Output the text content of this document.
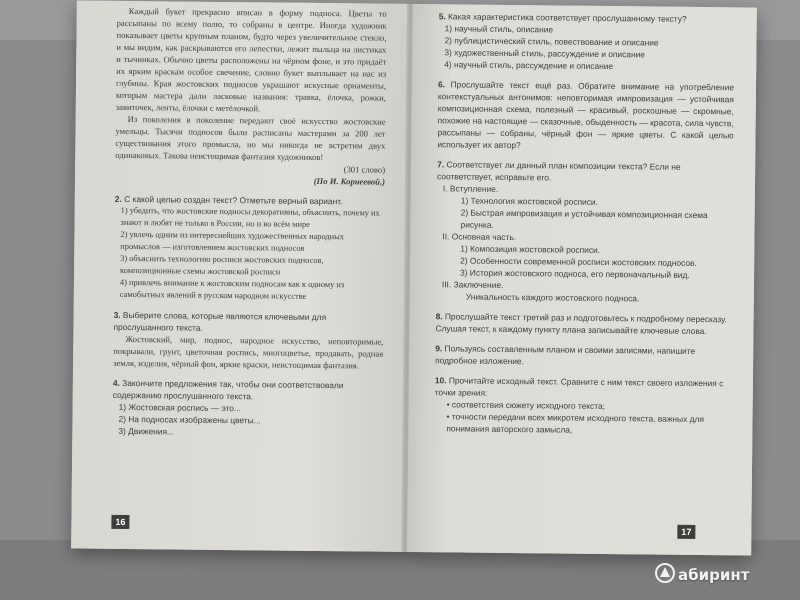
Каждый букет прекрасно вписан в форму подноса. Цветы то рассыпаны по всему полю, то собраны в центре. Иногда художник показывает цветы крупным планом, будто через увеличительное стекло, и мы видим, как раскрываются его лепестки, лежит пыльца на листиках и тычинках. Обычно цветы расположены на чёрном фоне, и это придаёт их ярким краскам особое свечение, словно букет выплывает на нас из глубины. Края жостовских подносов украшают искусные орнаменты, которым мастера дали ласковые названия: травка, ёлочка, рожки, завиточек, ленты, ёлочки с метёлочкой.

Из поколения в поколение передают своё искусство жостовские умельцы. Тысячи подносов были расписаны мастерами за 200 лет существования этого промысла, но мы никогда не встретим двух одинаковых. Такова неистощимая фантазия художников!

(301 слово)

(По И. Корнеевой.)

2. С какой целью создан текст? Отметьте верный вариант.

1) убедить, что жостовские подносы декоративны, объяснить, почему их знают и любят не только в России, но и во всём мире

2) увлечь одним из интереснейших художественных народных промыслов — изготовлением жостовских подносов

3) объяснить технологию росписи жостовских подносов, композиционные схемы жостовской росписи

4) привлечь внимание к жостовским подносам как к одному из самобытных явлений в русском народном искусстве

3. Выберите слова, которые являются ключевыми для прослушанного текста.

Жостовский, мир, поднос, народное искусство, неповторимые, покрывали, грунт, цветочная роспись, многоцветье, продавать, родная земля, изделия, чёрный фон, яркие краски, неистощимая фантазия.

4. Закончите предложения так, чтобы они соответствовали содержанию прослушанного текста.

1) Жостовская роспись — это...

2) На подносах изображены цветы...

3) Движения...

16
5. Какая характеристика соответствует прослушанному тексту?

1) научный стиль, описание

2) публицистический стиль, повествование и описание

3) художественный стиль, рассуждение и описание

4) научный стиль, рассуждение и описание

6. Прослушайте текст ещё раз. Обратите внимание на употребление контекстуальных антонимов: неповторимая импровизация — устойчивая композиционная схема, полезный — красивый, роскошные — скромные, похожие на настоящие — сказочные, обыденность — красота, сила чувств, рассыпаны — собраны, чёрный фон — яркие цветы. С какой целью использует их автор?
7. Соответствует ли данный план композиции текста? Если не соответствует, исправьте его.

I. Вступление.

1) Технология жостовской росписи.

2) Быстрая импровизация и устойчивая композиционная схема рисунка.

II. Основная часть.

1) Композиция жостовской росписи.

2) Особенности современной росписи жостовских подносов.

3) История жостовского подноса, его первоначальный вид.

III. Заключение.

Уникальность каждого жостовского подноса.

8. Прослушайте текст третий раз и подготовьтесь к подробному пересказу. Слушая текст, к каждому пункту плана записывайте ключевые слова.
9. Пользуясь составленным планом и своими записями, напишите подробное изложение.
10. Прочитайте исходный текст. Сравните с ним текст своего изложения с точки зрения:

• соответствия сюжету исходного текста;

• точности передачи всех микротем исходного текста, важных для понимания авторского замысла,

17
абиринт
